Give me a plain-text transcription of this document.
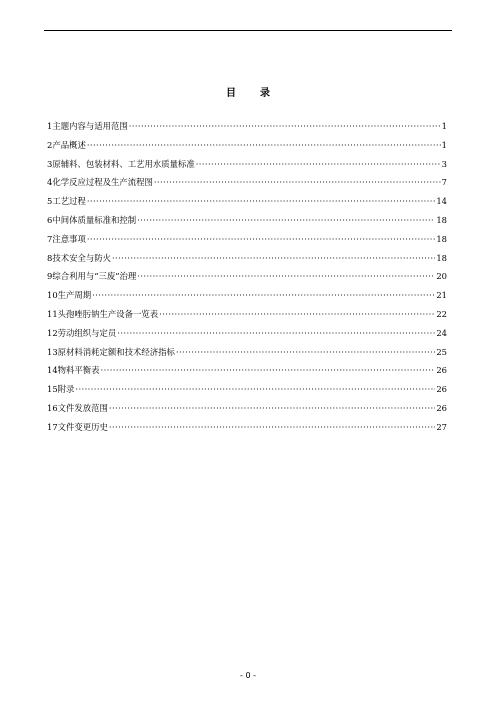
目 录
1主题内容与适用范围 ·····	1
2产品概述 ·····	1
3原辅料、包装材料、工艺用水质量标准 ·····	3
4化学反应过程及生产流程图 ·····	7
5工艺过程 ·····	14
6中间体质量标准和控制 ·····	18
7注意事项 ·····	18
8技术安全与防火 ·····	18
9综合利用与“三废”治理 ·····	20
10生产周期 ·····	21
11头孢唑肟钠生产设备一览表 ·····	22
12劳动组织与定员 ·····	24
13原材料消耗定额和技术经济指标 ·····	25
14物料平衡表 ·····	26
15附录 ·····	26
16文件发放范围 ·····	26
17文件变更历史 ·····	27
- 0 -
